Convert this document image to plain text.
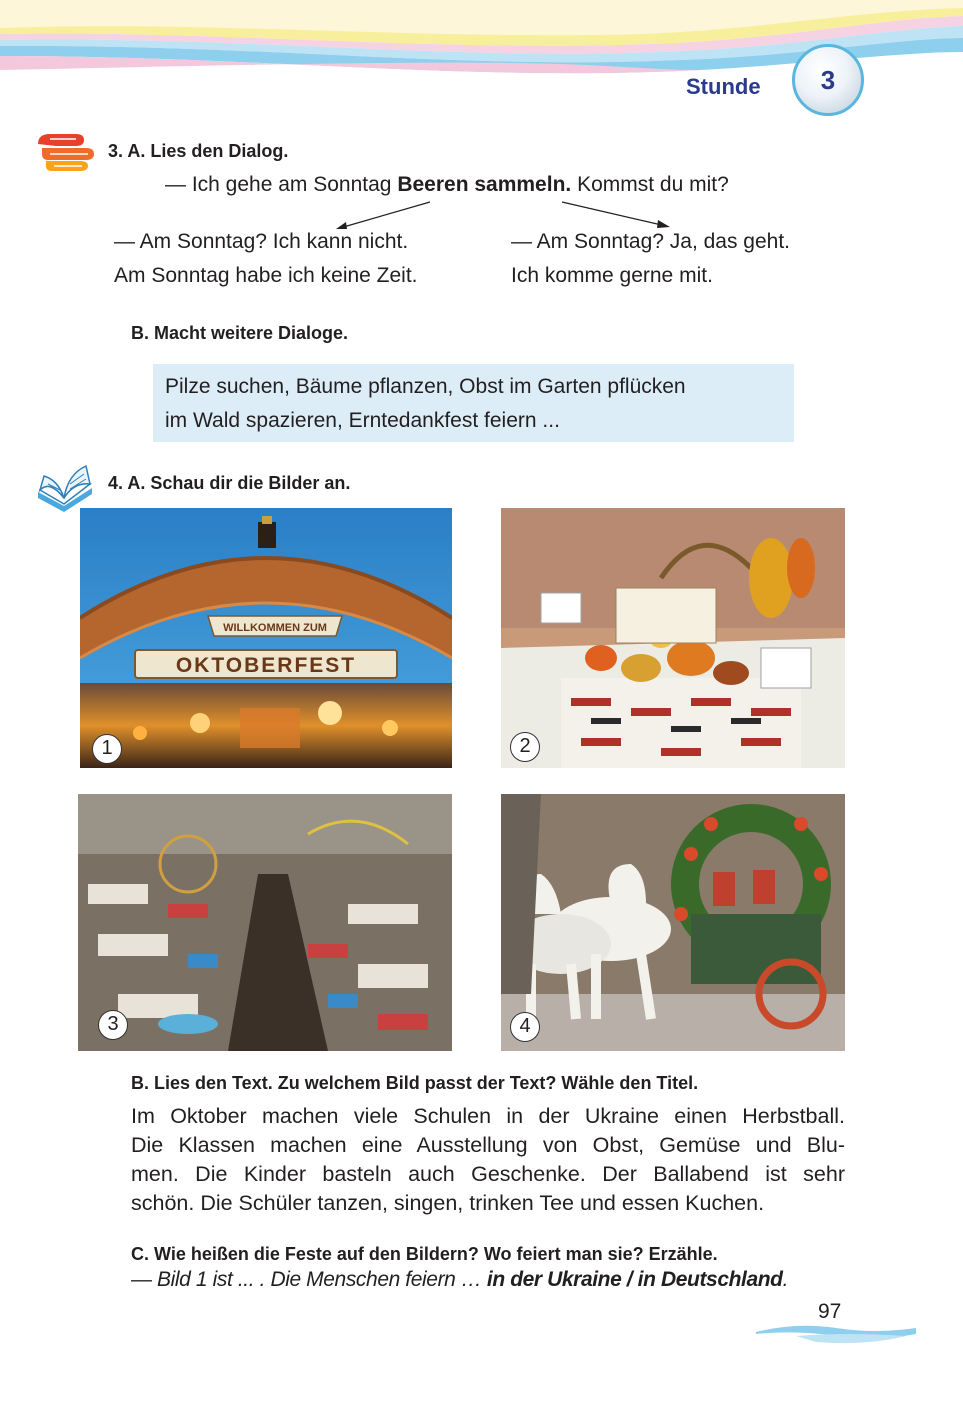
Stunde	3
3. A. Lies den Dialog.
— Ich gehe am Sonntag Beeren sammeln. Kommst du mit?
— Am Sonntag? Ich kann nicht.
Am Sonntag habe ich keine Zeit.
— Am Sonntag? Ja, das geht.
Ich komme gerne mit.
B. Macht weitere Dialoge.
Pilze suchen, Bäume pflanzen, Obst im Garten pflücken
im Wald spazieren, Erntedankfest feiern ...
4. A. Schau dir die Bilder an.
OKTOBERFEST
WILLKOMMEN ZUM
1	2
3	4
B. Lies den Text. Zu welchem Bild passt der Text? Wähle den Titel.
Im Oktober machen viele Schulen in der Ukraine einen Herbstball.
Die Klassen machen eine Ausstellung von Obst, Gemüse und Blu-
men. Die Kinder basteln auch Geschenke. Der Ballabend ist sehr
schön. Die Schüler tanzen, singen, trinken Tee und essen Kuchen.
C. Wie heißen die Feste auf den Bildern? Wo feiert man sie? Erzähle.
— Bild 1 ist ... . Die Menschen feiern … in der Ukraine / in Deutschland.
97
